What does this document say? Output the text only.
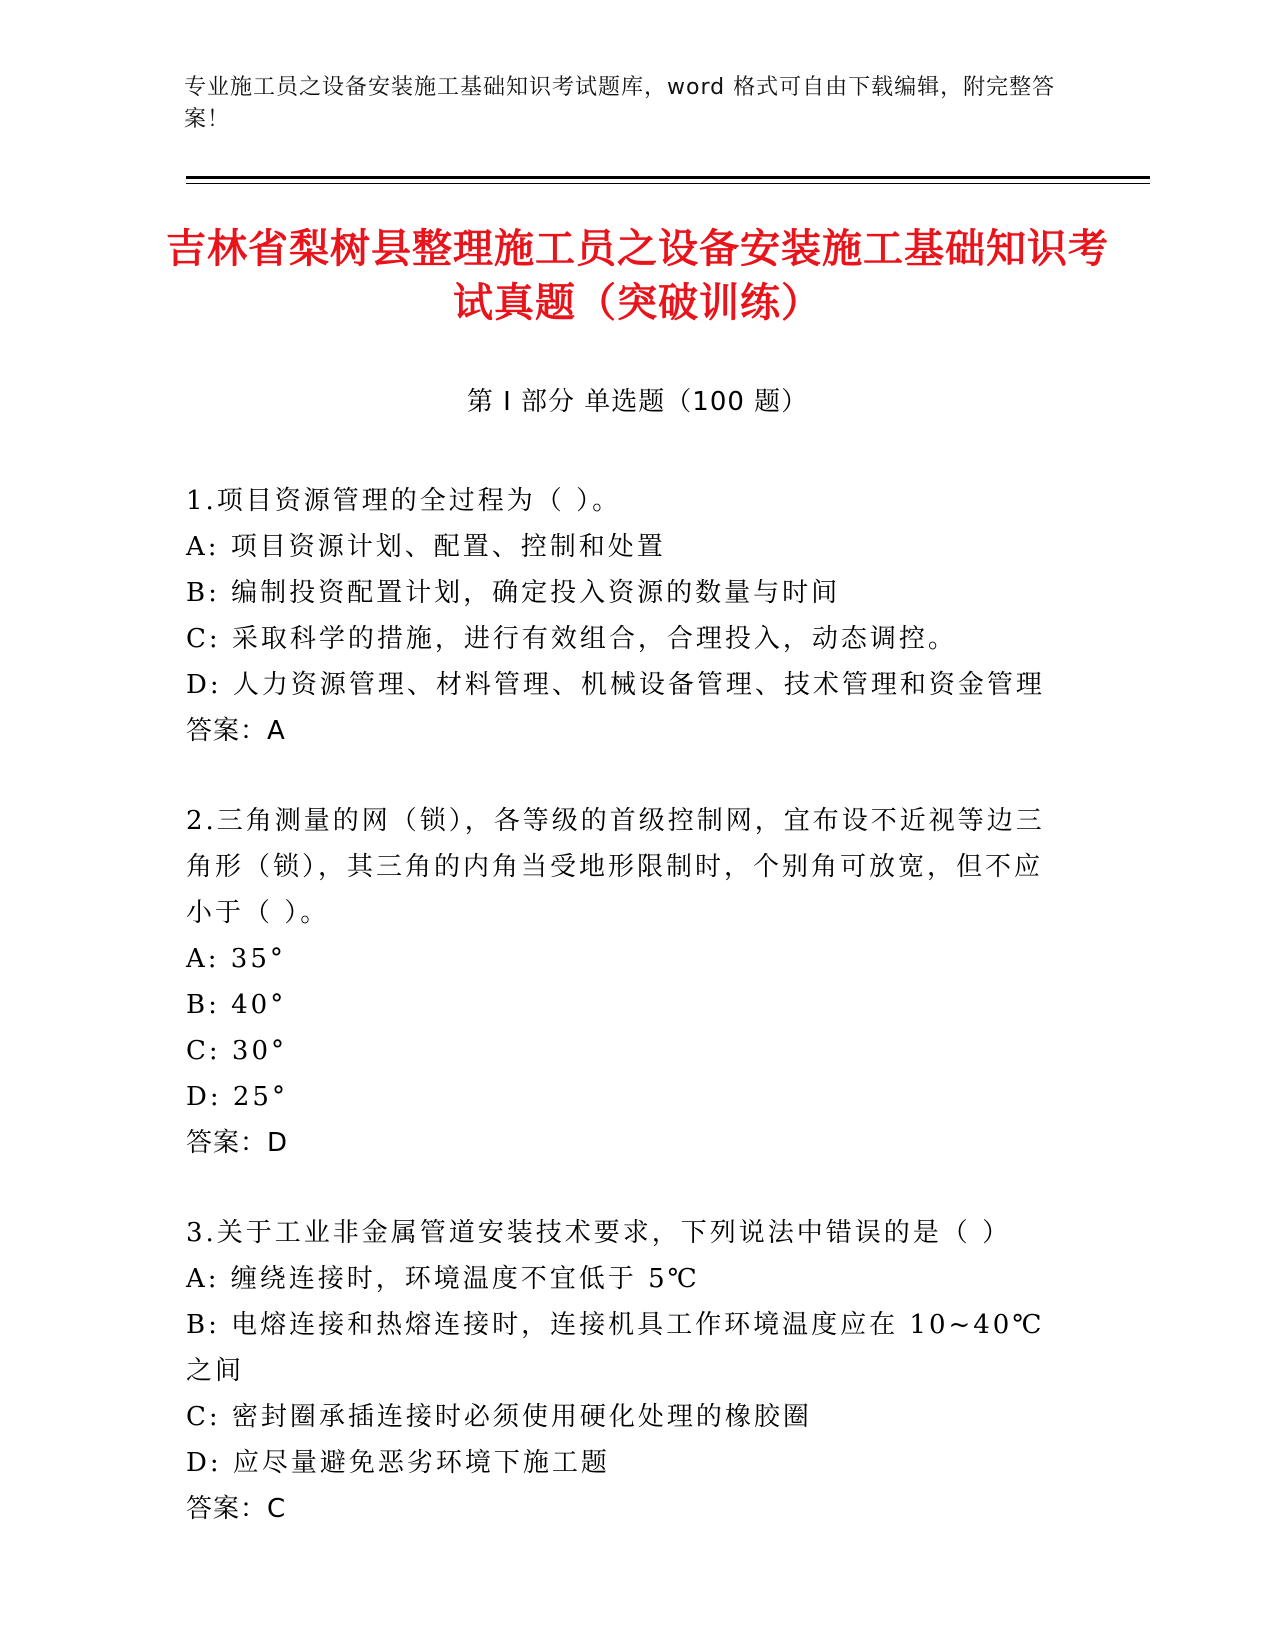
专业施工员之设备安装施工基础知识考试题库，word 格式可自由下载编辑，附完整答案！
吉林省梨树县整理施工员之设备安装施工基础知识考试真题（突破训练）
第 I 部分 单选题（100 题）
1.项目资源管理的全过程为（ ）。
A: 项目资源计划、配置、控制和处置
B: 编制投资配置计划，确定投入资源的数量与时间
C: 采取科学的措施，进行有效组合，合理投入，动态调控。
D: 人力资源管理、材料管理、机械设备管理、技术管理和资金管理
答案：A
2.三角测量的网（锁），各等级的首级控制网，宜布设不近视等边三角形（锁），其三角的内角当受地形限制时，个别角可放宽，但不应小于（ ）。
A: 35°
B: 40°
C: 30°
D: 25°
答案：D
3.关于工业非金属管道安装技术要求，下列说法中错误的是（ ）
A: 缠绕连接时，环境温度不宜低于 5℃
B: 电熔连接和热熔连接时，连接机具工作环境温度应在 10~40℃之间
C: 密封圈承插连接时必须使用硬化处理的橡胶圈
D: 应尽量避免恶劣环境下施工题
答案：C
